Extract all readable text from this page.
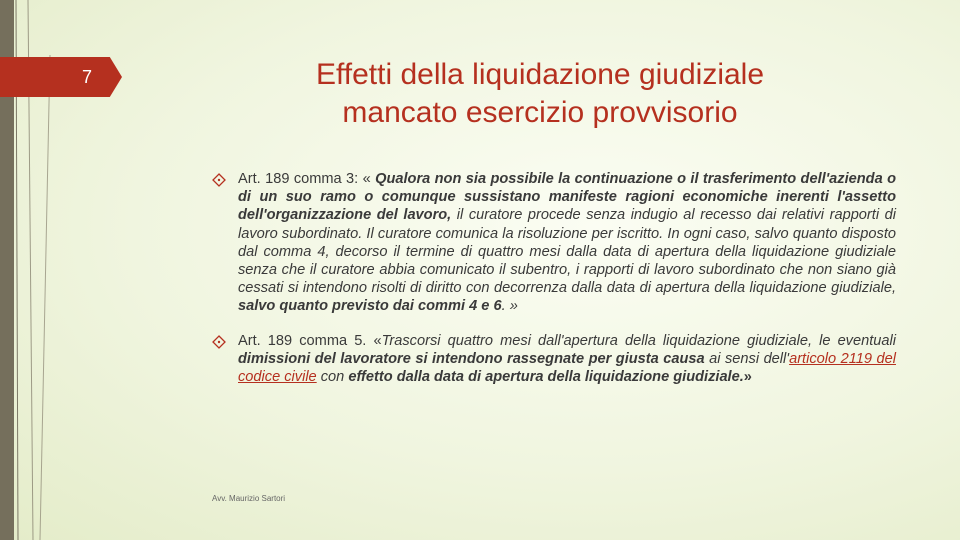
7	Effetti della liquidazione giudiziale
mancato esercizio provvisorio
Art. 189 comma 3: « Qualora non sia possibile la continuazione o il trasferimento dell'azienda o di un suo ramo o comunque sussistano manifeste ragioni economiche inerenti l'assetto dell'organizzazione del lavoro, il curatore procede senza indugio al recesso dai relativi rapporti di lavoro subordinato. Il curatore comunica la risoluzione per iscritto. In ogni caso, salvo quanto disposto dal comma 4, decorso il termine di quattro mesi dalla data di apertura della liquidazione giudiziale senza che il curatore abbia comunicato il subentro, i rapporti di lavoro subordinato che non siano già cessati si intendono risolti di diritto con decorrenza dalla data di apertura della liquidazione giudiziale, salvo quanto previsto dai commi 4 e 6. »
Art. 189 comma 5. «Trascorsi quattro mesi dall'apertura della liquidazione giudiziale, le eventuali dimissioni del lavoratore si intendono rassegnate per giusta causa ai sensi dell'articolo 2119 del codice civile con effetto dalla data di apertura della liquidazione giudiziale.»
Avv. Maurizio Sartori
